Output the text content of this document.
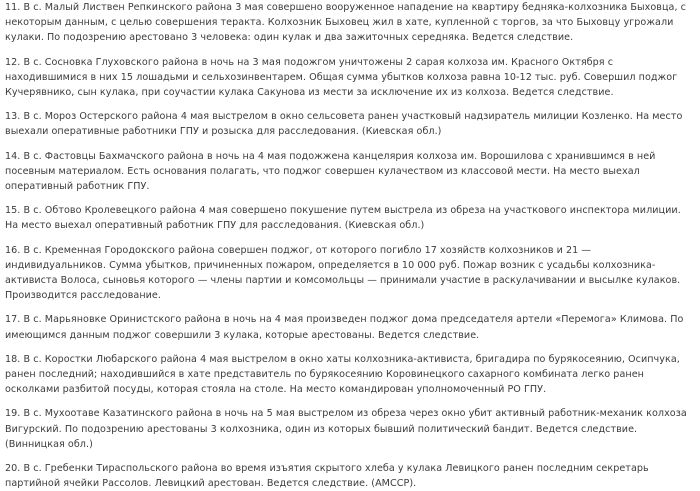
11. В с. Малый Листвен Репкинского района 3 мая совершено вооруженное нападение на квартиру бедняка-колхозника Быховца, с некоторым данным, с целью совершения теракта. Колхозник Быховец жил в хате, купленной с торгов, за что Быховцу угрожали кулаки. По подозрению арестовано 3 человека: один кулак и два зажиточных середняка. Ведется следствие.

12. В с. Сосновка Глуховского района в ночь на 3 мая подожгом уничтожены 2 сарая колхоза им. Красного Октября с находившимися в них 15 лошадьми и сельхозинвентарем. Общая сумма убытков колхоза равна 10-12 тыс. руб. Совершил поджог Кучерявнико, сын кулака, при соучастии кулака Сакунова из мести за исключение их из колхоза. Ведется следствие.

13. В с. Мороз Остерского района 4 мая выстрелом в окно сельсовета ранен участковый надзиратель милиции Козленко. На место выехали оперативные работники ГПУ и розыска для расследования. (Киевская обл.)

14. В с. Фастовцы Бахмачского района в ночь на 4 мая подожжена канцелярия колхоза им. Ворошилова с хранившимся в ней посевным материалом. Есть основания полагать, что поджог совершен кулачеством из классовой мести. На место выехал оперативный работник ГПУ.

15. В с. Обтово Кролевецкого района 4 мая совершено покушение путем выстрела из обреза на участкового инспектора милиции. На место выехал оперативный работник ГПУ для расследования. (Киевская обл.)

16. В с. Кременная Городокского района совершен поджог, от которого погибло 17 хозяйств колхозников и 21 — индивидуальников. Сумма убытков, причиненных пожаром, определяется в 10 000 руб. Пожар возник с усадьбы колхозника-активиста Волоса, сыновья которого — члены партии и комсомольцы — принимали участие в раскулачивании и высылке кулаков. Производится расследование.

17. В с. Марьяновке Оринистского района в ночь на 4 мая произведен поджог дома председателя артели «Перемога» Климова. По имеющимся данным поджог совершили 3 кулака, которые арестованы. Ведется следствие.

18. В с. Коростки Любарского района 4 мая выстрелом в окно хаты колхозника-активиста, бригадира по бурякосеянию, Осипчука, ранен последний; находившийся в хате представитель по бурякосеянию Коровинецкого сахарного комбината легко ранен осколками разбитой посуды, которая стояла на столе. На место командирован уполномоченный РО ГПУ.

19. В с. Мухоотаве Казатинского района в ночь на 5 мая выстрелом из обреза через окно убит активный работник-механик колхоза Вигурский. По подозрению арестованы 3 колхозника, один из которых бывший политический бандит. Ведется следствие. (Винницкая обл.)

20. В с. Гребенки Тираспольского района во время изъятия скрытого хлеба у кулака Левицкого ранен последним секретарь партийной ячейки Рассолов. Левицкий арестован. Ведется следствие. (АМССР).
